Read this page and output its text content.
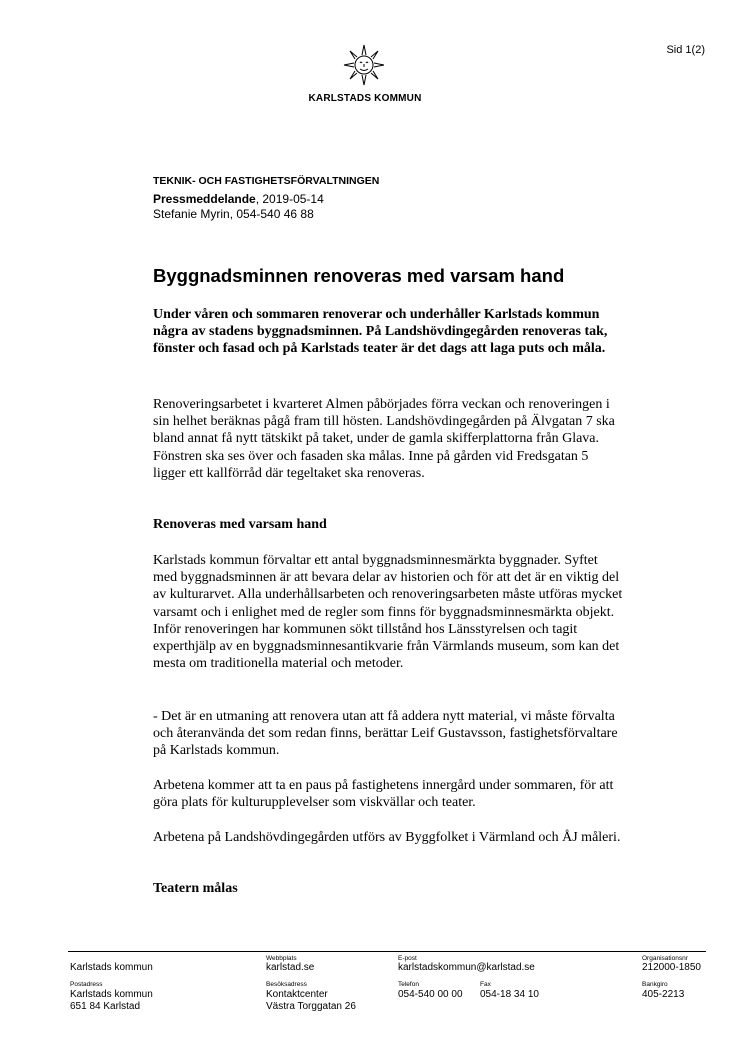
Sid 1(2)
KARLSTADS KOMMUN
TEKNIK- OCH FASTIGHETSFÖRVALTNINGEN
Pressmeddelande, 2019-05-14
Stefanie Myrin, 054-540 46 88
Byggnadsminnen renoveras med varsam hand
Under våren och sommaren renoverar och underhåller Karlstads kommun några av stadens byggnadsminnen. På Landshövdingegården renoveras tak, fönster och fasad och på Karlstads teater är det dags att laga puts och måla.
Renoveringsarbetet i kvarteret Almen påbörjades förra veckan och renoveringen i sin helhet beräknas pågå fram till hösten. Landshövdingegården på Älvgatan 7 ska bland annat få nytt tätskikt på taket, under de gamla skifferplattorna från Glava. Fönstren ska ses över och fasaden ska målas. Inne på gården vid Fredsgatan 5 ligger ett kallförråd där tegeltaket ska renoveras.
Renoveras med varsam hand
Karlstads kommun förvaltar ett antal byggnadsminnesmärkta byggnader. Syftet med byggnadsminnen är att bevara delar av historien och för att det är en viktig del av kulturarvet. Alla underhållsarbeten och renoveringsarbeten måste utföras mycket varsamt och i enlighet med de regler som finns för byggnadsminnesmärkta objekt. Inför renoveringen har kommunen sökt tillstånd hos Länsstyrelsen och tagit experthjälp av en byggnadsminnesantikvarie från Värmlands museum, som kan det mesta om traditionella material och metoder.
- Det är en utmaning att renovera utan att få addera nytt material, vi måste förvalta och återanvända det som redan finns, berättar Leif Gustavsson, fastighetsförvaltare på Karlstads kommun.
Arbetena kommer att ta en paus på fastighetens innergård under sommaren, för att göra plats för kulturupplevelser som viskvällar och teater.
Arbetena på Landshövdingegården utförs av Byggfolket i Värmland och ÅJ måleri.
Teatern målas
Karlstads kommun
Webbplats
karlstad.se
E-post
karlstadskommun@karlstad.se
Organisationsnr
212000-1850
Postadress
Karlstads kommun
651 84 Karlstad
Besöksadress
Kontaktcenter
Västra Torggatan 26
Telefon
054-540 00 00
Fax
054-18 34 10
Bankgiro
405-2213
